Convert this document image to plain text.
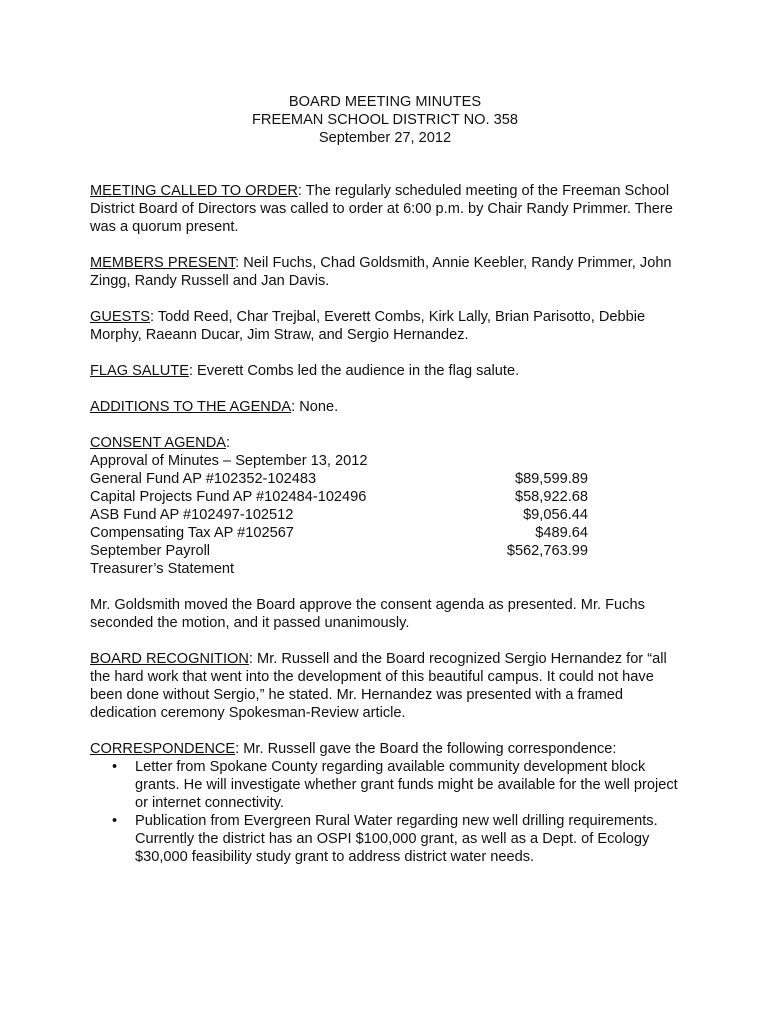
BOARD MEETING MINUTES
FREEMAN SCHOOL DISTRICT NO. 358
September 27, 2012
MEETING CALLED TO ORDER: The regularly scheduled meeting of the Freeman School District Board of Directors was called to order at 6:00 p.m. by Chair Randy Primmer. There was a quorum present.
MEMBERS PRESENT: Neil Fuchs, Chad Goldsmith, Annie Keebler, Randy Primmer, John Zingg, Randy Russell and Jan Davis.
GUESTS: Todd Reed, Char Trejbal, Everett Combs, Kirk Lally, Brian Parisotto, Debbie Morphy, Raeann Ducar, Jim Straw, and Sergio Hernandez.
FLAG SALUTE: Everett Combs led the audience in the flag salute.
ADDITIONS TO THE AGENDA: None.
CONSENT AGENDA:
Approval of Minutes – September 13, 2012
General Fund AP #102352-102483	$89,599.89
Capital Projects Fund AP #102484-102496	$58,922.68
ASB Fund AP #102497-102512	$9,056.44
Compensating Tax AP #102567	$489.64
September Payroll	$562,763.99
Treasurer’s Statement
Mr. Goldsmith moved the Board approve the consent agenda as presented. Mr. Fuchs seconded the motion, and it passed unanimously.
BOARD RECOGNITION: Mr. Russell and the Board recognized Sergio Hernandez for “all the hard work that went into the development of this beautiful campus. It could not have been done without Sergio,” he stated. Mr. Hernandez was presented with a framed dedication ceremony Spokesman-Review article.
CORRESPONDENCE: Mr. Russell gave the Board the following correspondence:
• Letter from Spokane County regarding available community development block grants. He will investigate whether grant funds might be available for the well project or internet connectivity.
• Publication from Evergreen Rural Water regarding new well drilling requirements. Currently the district has an OSPI $100,000 grant, as well as a Dept. of Ecology $30,000 feasibility study grant to address district water needs.
